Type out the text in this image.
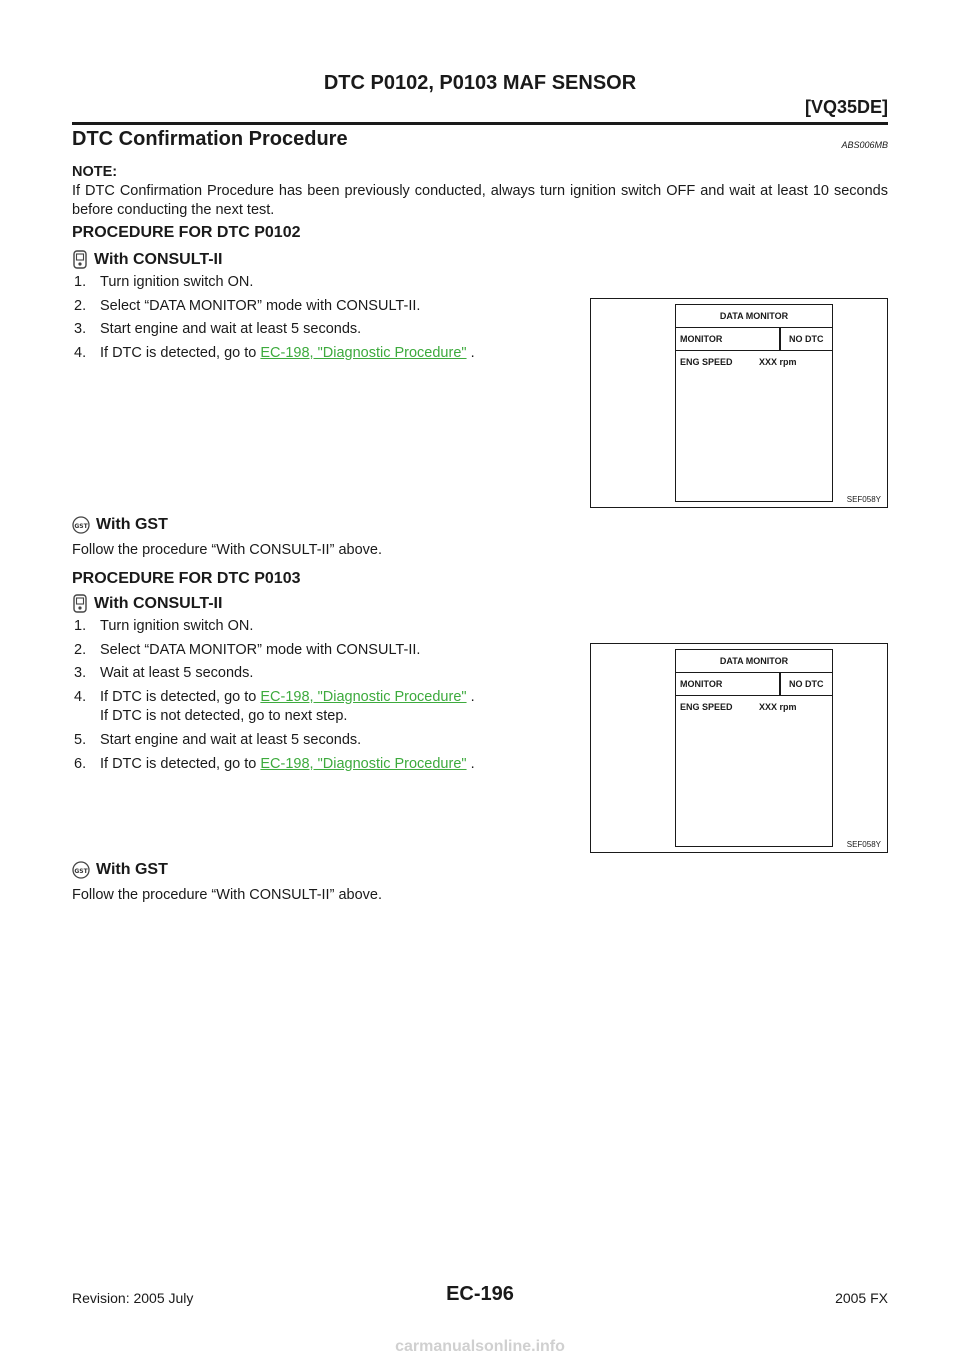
DTC P0102, P0103 MAF SENSOR
[VQ35DE]
DTC Confirmation Procedure	ABS006MB
NOTE:
If DTC Confirmation Procedure has been previously conducted, always turn ignition switch OFF and wait at least 10 seconds before conducting the next test.
PROCEDURE FOR DTC P0102
With CONSULT-II
1. Turn ignition switch ON.
2. Select “DATA MONITOR” mode with CONSULT-II.
3. Start engine and wait at least 5 seconds.
4. If DTC is detected, go to EC-198, "Diagnostic Procedure" .
DATA MONITOR
MONITOR	NO DTC
ENG SPEED	XXX rpm
SEF058Y
GST With GST
Follow the procedure “With CONSULT-II” above.
PROCEDURE FOR DTC P0103
With CONSULT-II
1. Turn ignition switch ON.
2. Select “DATA MONITOR” mode with CONSULT-II.
3. Wait at least 5 seconds.
4. If DTC is detected, go to EC-198, "Diagnostic Procedure" .
If DTC is not detected, go to next step.
5. Start engine and wait at least 5 seconds.
6. If DTC is detected, go to EC-198, "Diagnostic Procedure" .
DATA MONITOR
MONITOR	NO DTC
ENG SPEED	XXX rpm
SEF058Y
GST With GST
Follow the procedure “With CONSULT-II” above.
Revision: 2005 July	EC-196	2005 FX
carmanualsonline.info
